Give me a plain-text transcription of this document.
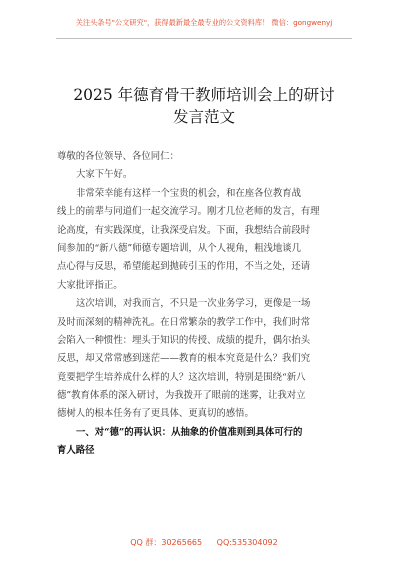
关注头条号"公文研究"，获得最新最全最专业的公文资料库！ 微信：gongwenyj
2025 年德育骨干教师培训会上的研讨
发言范文
尊敬的各位领导、各位同仁：
大家下午好。
非常荣幸能有这样一个宝贵的机会，和在座各位教育战
线上的前辈与同道们一起交流学习。刚才几位老师的发言，有理
论高度，有实践深度，让我深受启发。下面，我想结合前段时
间参加的“新八德”师德专题培训，从个人视角，粗浅地谈几
点心得与反思，希望能起到抛砖引玉的作用，不当之处，还请
大家批评指正。
这次培训，对我而言，不只是一次业务学习，更像是一场
及时而深刻的精神洗礼。在日常繁杂的教学工作中，我们时常
会陷入一种惯性：埋头于知识的传授、成绩的提升，偶尔抬头
反思，却又常常感到迷茫——教育的根本究竟是什么？我们究
竟要把学生培养成什么样的人？这次培训，特别是围绕“新八
德”教育体系的深入研讨，为我拨开了眼前的迷雾，让我对立
德树人的根本任务有了更具体、更真切的感悟。
一、对“德”的再认识：从抽象的价值准则到具体可行的
育人路径
QQ 群：30265665 QQ:535304092
